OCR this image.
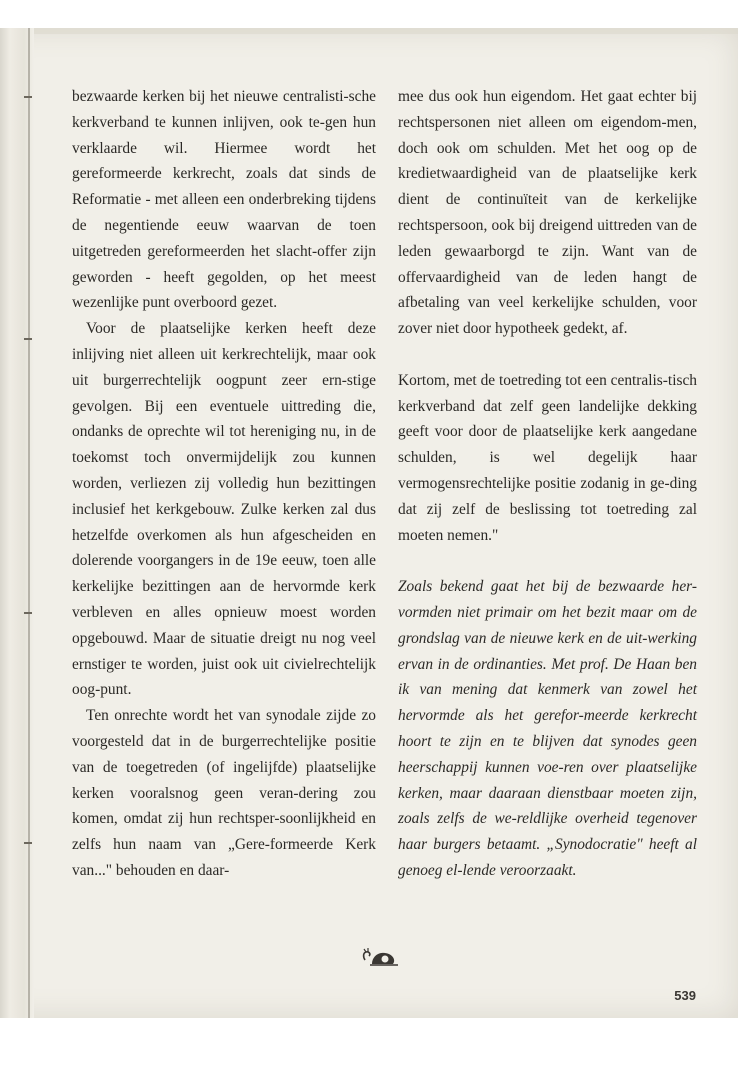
bezwaarde kerken bij het nieuwe centralisti-sche kerkverband te kunnen inlijven, ook te-gen hun verklaarde wil. Hiermee wordt het gereformeerde kerkrecht, zoals dat sinds de Reformatie - met alleen een onderbreking tijdens de negentiende eeuw waarvan de toen uitgetreden gereformeerden het slacht-offer zijn geworden - heeft gegolden, op het meest wezenlijke punt overboord gezet.

Voor de plaatselijke kerken heeft deze inlijving niet alleen uit kerkrechtelijk, maar ook uit burgerrechtelijk oogpunt zeer ern-stige gevolgen. Bij een eventuele uittreding die, ondanks de oprechte wil tot hereniging nu, in de toekomst toch onvermijdelijk zou kunnen worden, verliezen zij volledig hun bezittingen inclusief het kerkgebouw. Zulke kerken zal dus hetzelfde overkomen als hun afgescheiden en dolerende voorgangers in de 19e eeuw, toen alle kerkelijke bezittingen aan de hervormde kerk verbleven en alles opnieuw moest worden opgebouwd. Maar de situatie dreigt nu nog veel ernstiger te worden, juist ook uit civielrechtelijk oog-punt.

Ten onrechte wordt het van synodale zijde zo voorgesteld dat in de burgerrechtelijke positie van de toegetreden (of ingelijfde) plaatselijke kerken vooralsnog geen veran-dering zou komen, omdat zij hun rechtsper-soonlijkheid en zelfs hun naam van „Gere-formeerde Kerk van..." behouden en daar-

mee dus ook hun eigendom. Het gaat echter bij rechtspersonen niet alleen om eigendom-men, doch ook om schulden. Met het oog op de kredietwaardigheid van de plaatselijke kerk dient de continuïteit van de kerkelijke rechtspersoon, ook bij dreigend uittreden van de leden gewaarborgd te zijn. Want van de offervaardigheid van de leden hangt de afbetaling van veel kerkelijke schulden, voor zover niet door hypotheek gedekt, af.

Kortom, met de toetreding tot een centralis-tisch kerkverband dat zelf geen landelijke dekking geeft voor door de plaatselijke kerk aangedane schulden, is wel degelijk haar vermogensrechtelijke positie zodanig in ge-ding dat zij zelf de beslissing tot toetreding zal moeten nemen."

Zoals bekend gaat het bij de bezwaarde her-vormden niet primair om het bezit maar om de grondslag van de nieuwe kerk en de uit-werking ervan in de ordinanties. Met prof. De Haan ben ik van mening dat kenmerk van zowel het hervormde als het gerefor-meerde kerkrecht hoort te zijn en te blijven dat synodes geen heerschappij kunnen voe-ren over plaatselijke kerken, maar daaraan dienstbaar moeten zijn, zoals zelfs de we-reldlijke overheid tegenover haar burgers betaamt. „Synodocratie" heeft al genoeg el-lende veroorzaakt.

539
